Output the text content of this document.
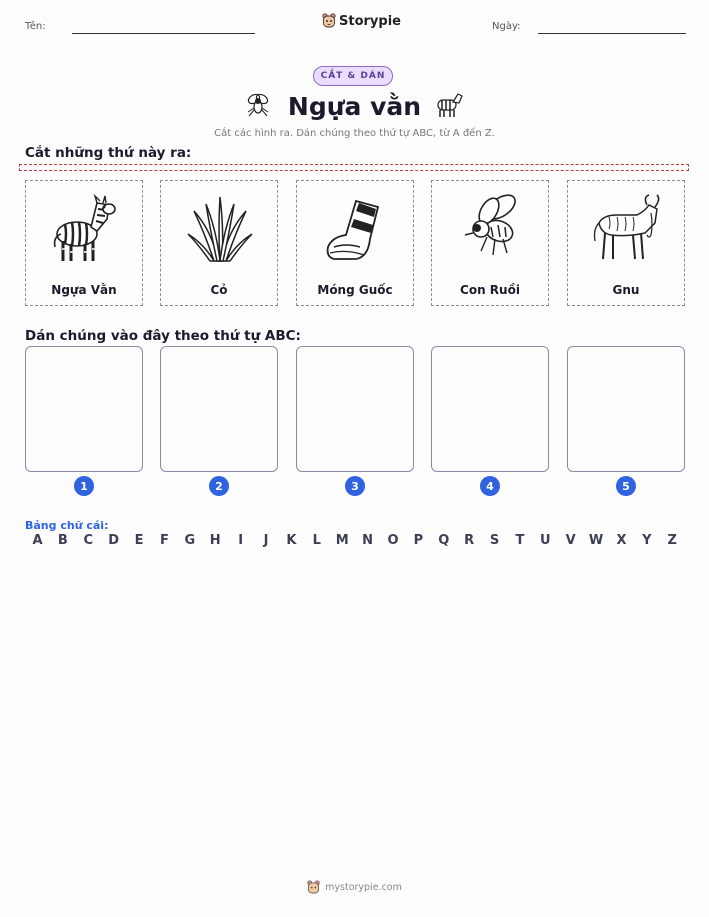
Tên:	Storypie	Ngày:
CẮT & DÁN
Ngựa vằn
Cắt các hình ra. Dán chúng theo thứ tự ABC, từ A đến Z.
Cắt những thứ này ra:
Ngựa Vằn	Cỏ	Móng Guốc	Con Ruồi	Gnu
Dán chúng vào đây theo thứ tự ABC:
1	2	3	4	5
Bảng chữ cái:
A	B	C	D	E	F	G	H	I	J	K	L	M	N	O	P	Q	R	S	T	U	V	W	X	Y	Z
mystorypie.com
